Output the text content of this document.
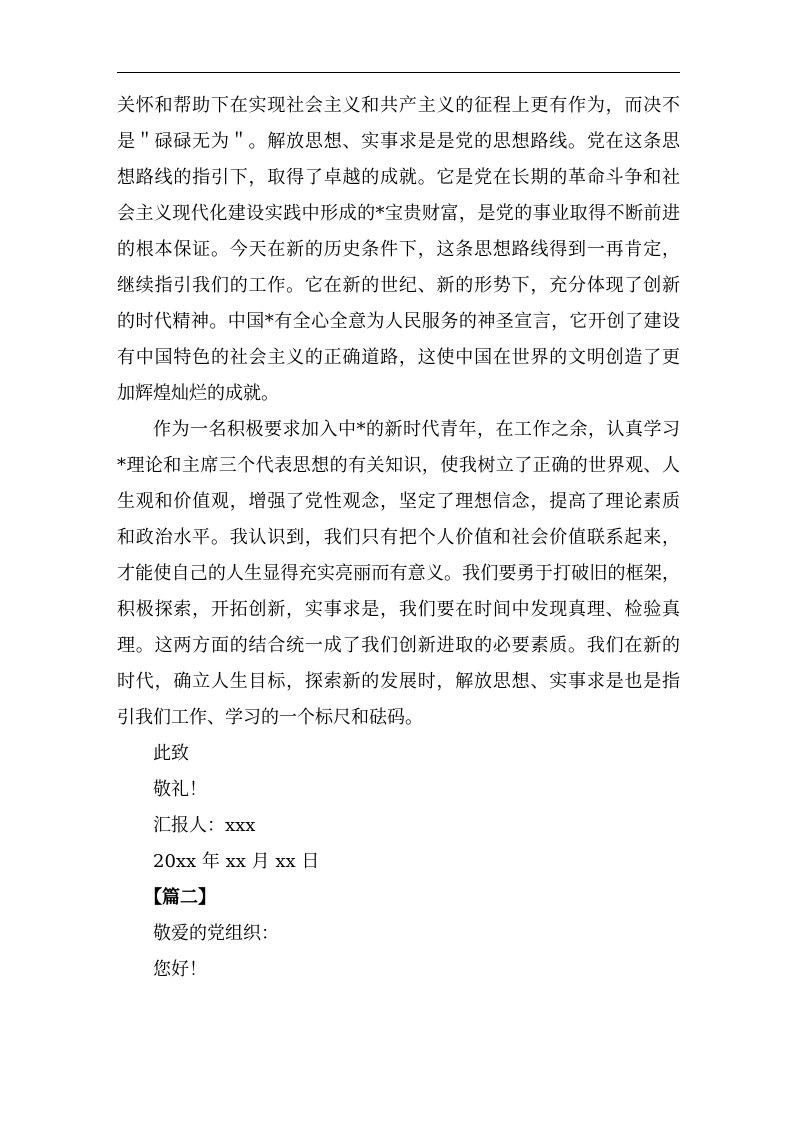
关怀和帮助下在实现社会主义和共产主义的征程上更有作为，而决不
是＂碌碌无为＂。解放思想、实事求是是党的思想路线。党在这条思
想路线的指引下，取得了卓越的成就。它是党在长期的革命斗争和社
会主义现代化建设实践中形成的*宝贵财富，是党的事业取得不断前进
的根本保证。今天在新的历史条件下，这条思想路线得到一再肯定，
继续指引我们的工作。它在新的世纪、新的形势下，充分体现了创新
的时代精神。中国*有全心全意为人民服务的神圣宣言，它开创了建设
有中国特色的社会主义的正确道路，这使中国在世界的文明创造了更
加辉煌灿烂的成就。
作为一名积极要求加入中*的新时代青年，在工作之余，认真学习
*理论和主席三个代表思想的有关知识，使我树立了正确的世界观、人
生观和价值观，增强了党性观念，坚定了理想信念，提高了理论素质
和政治水平。我认识到，我们只有把个人价值和社会价值联系起来，
才能使自己的人生显得充实亮丽而有意义。我们要勇于打破旧的框架，
积极探索，开拓创新，实事求是，我们要在时间中发现真理、检验真
理。这两方面的结合统一成了我们创新进取的必要素质。我们在新的
时代，确立人生目标，探索新的发展时，解放思想、实事求是也是指
引我们工作、学习的一个标尺和砝码。
此致
敬礼！
汇报人：xxx
20xx 年 xx 月 xx 日
【篇二】
敬爱的党组织：
您好！
